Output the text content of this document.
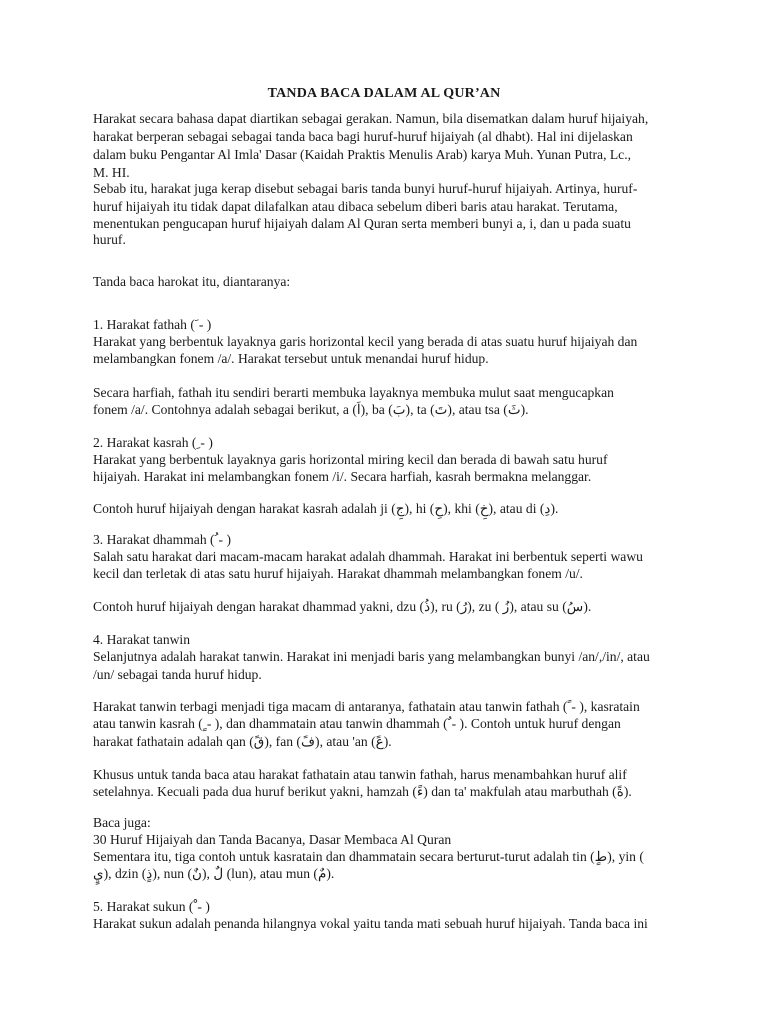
TANDA BACA DALAM AL QUR’AN
Harakat secara bahasa dapat diartikan sebagai gerakan. Namun, bila disematkan dalam huruf hijaiyah,
harakat berperan sebagai sebagai tanda baca bagi huruf-huruf hijaiyah (al dhabt). Hal ini dijelaskan
dalam buku Pengantar Al Imla' Dasar (Kaidah Praktis Menulis Arab) karya Muh. Yunan Putra, Lc.,
M. HI.
Sebab itu, harakat juga kerap disebut sebagai baris tanda bunyi huruf-huruf hijaiyah. Artinya, huruf-
huruf hijaiyah itu tidak dapat dilafalkan atau dibaca sebelum diberi baris atau harakat. Terutama,
menentukan pengucapan huruf hijaiyah dalam Al Quran serta memberi bunyi a, i, dan u pada suatu
huruf.
Tanda baca harokat itu, diantaranya:
1. Harakat fathah ( َ- )
Harakat yang berbentuk layaknya garis horizontal kecil yang berada di atas suatu huruf hijaiyah dan
melambangkan fonem /a/. Harakat tersebut untuk menandai huruf hidup.
Secara harfiah, fathah itu sendiri berarti membuka layaknya membuka mulut saat mengucapkan
fonem /a/. Contohnya adalah sebagai berikut, a (اَ), ba (بَ), ta (تَ), atau tsa (ثَ).
2. Harakat kasrah ( ِ- )
Harakat yang berbentuk layaknya garis horizontal miring kecil dan berada di bawah satu huruf
hijaiyah. Harakat ini melambangkan fonem /i/. Secara harfiah, kasrah bermakna melanggar.
Contoh huruf hijaiyah dengan harakat kasrah adalah ji (جِ), hi (حِ), khi (خِ), atau di (دِ).
3. Harakat dhammah ( ُ- )
Salah satu harakat dari macam-macam harakat adalah dhammah. Harakat ini berbentuk seperti wawu
kecil dan terletak di atas satu huruf hijaiyah. Harakat dhammah melambangkan fonem /u/.
Contoh huruf hijaiyah dengan harakat dhammad yakni, dzu (ذُ), ru (رُ), zu ( زُ), atau su (سُ).
4. Harakat tanwin
Selanjutnya adalah harakat tanwin. Harakat ini menjadi baris yang melambangkan bunyi /an/,/in/, atau
/un/ sebagai tanda huruf hidup.
Harakat tanwin terbagi menjadi tiga macam di antaranya, fathatain atau tanwin fathah ( ً- ), kasratain
atau tanwin kasrah ( ٍ- ), dan dhammatain atau tanwin dhammah ( ٌ- ). Contoh untuk huruf dengan
harakat fathatain adalah qan (قً), fan (فً), atau 'an (عً).
Khusus untuk tanda baca atau harakat fathatain atau tanwin fathah, harus menambahkan huruf alif
setelahnya. Kecuali pada dua huruf berikut yakni, hamzah (ءً) dan ta' makfulah atau marbuthah (ةً).
Baca juga:
30 Huruf Hijaiyah dan Tanda Bacanya, Dasar Membaca Al Quran
Sementara itu, tiga contoh untuk kasratain dan dhammatain secara berturut-turut adalah tin (طٍ), yin (
يٍ), dzin (ذٍ), nun (نٌ), لٌ (lun), atau mun (مٌ).
5. Harakat sukun ( ْ- )
Harakat sukun adalah penanda hilangnya vokal yaitu tanda mati sebuah huruf hijaiyah. Tanda baca ini
